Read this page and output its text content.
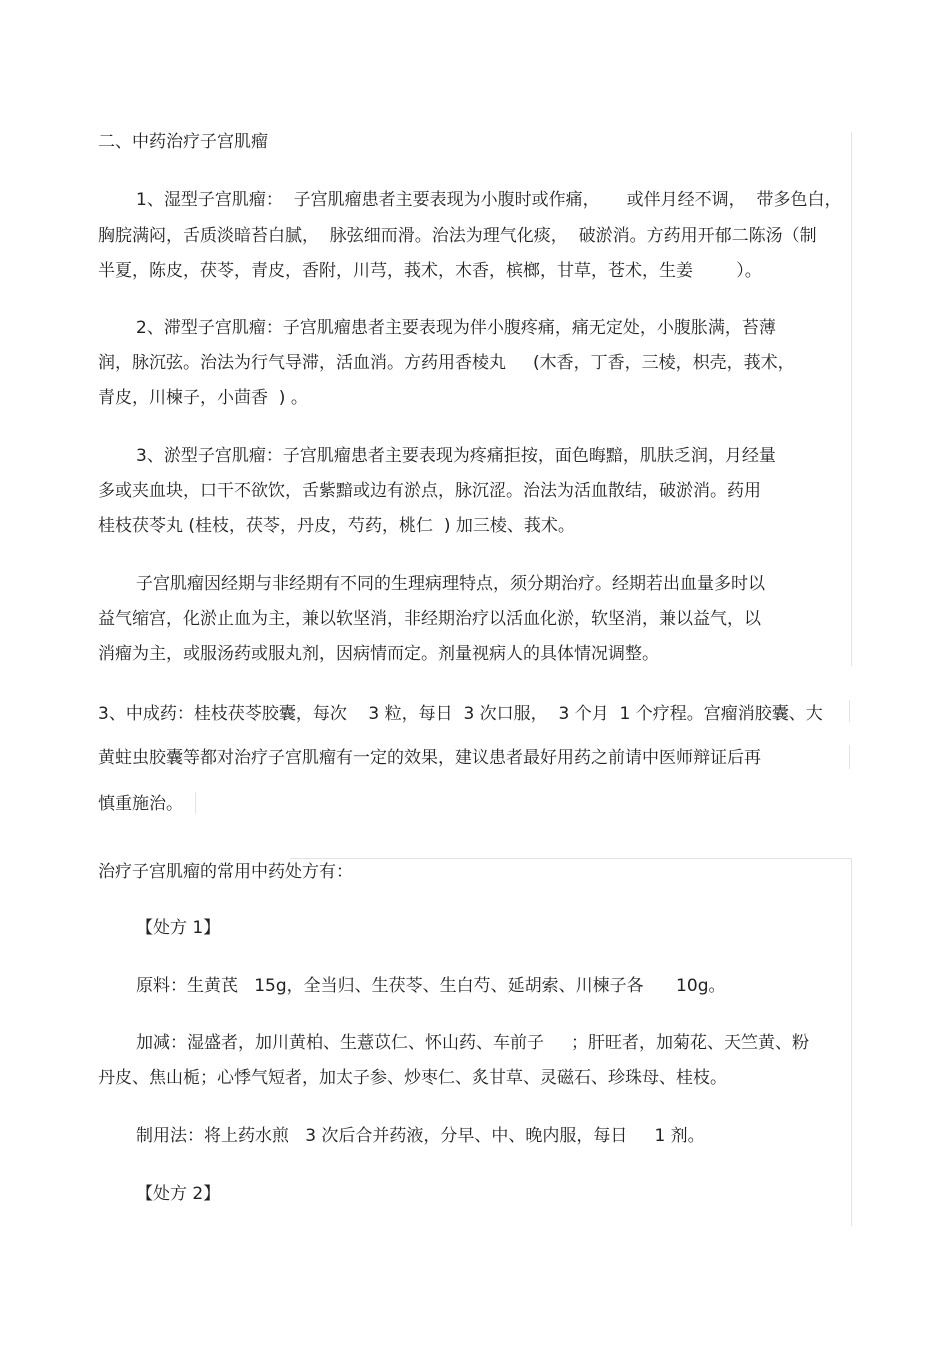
二、中药治疗子宫肌瘤
1、湿型子宫肌瘤：  子宫肌瘤患者主要表现为小腹时或作痛，     或伴月经不调，  带多色白，
胸脘满闷，舌质淡暗苔白腻，  脉弦细而滑。治法为理气化痰，  破淤消。方药用开郁二陈汤（制
半夏，陈皮，茯苓，青皮，香附，川芎，莪术，木香，槟榔，甘草，苍术，生姜        ）。
2、滞型子宫肌瘤：子宫肌瘤患者主要表现为伴小腹疼痛，痛无定处，小腹胀满，苔薄
润，脉沉弦。治法为行气导滞，活血消。方药用香棱丸     (木香，丁香，三棱，枳壳，莪术，
青皮，川楝子，小茴香  ) 。
3、淤型子宫肌瘤：子宫肌瘤患者主要表现为疼痛拒按，面色晦黯，肌肤乏润，月经量
多或夹血块，口干不欲饮，舌紫黯或边有淤点，脉沉涩。治法为活血散结，破淤消。药用
桂枝茯苓丸 (桂枝，茯苓，丹皮，芍药，桃仁  ) 加三棱、莪术。
子宫肌瘤因经期与非经期有不同的生理病理特点，须分期治疗。经期若出血量多时以
益气缩宫，化淤止血为主，兼以软坚消，非经期治疗以活血化淤，软坚消，兼以益气，以
消瘤为主，或服汤药或服丸剂，因病情而定。剂量视病人的具体情况调整。
3、中成药：桂枝茯苓胶囊，每次    3 粒，每日  3 次口服，  3 个月  1 个疗程。宫瘤消胶囊、大
黄蛀虫胶囊等都对治疗子宫肌瘤有一定的效果，建议患者最好用药之前请中医师辩证后再
慎重施治。
治疗子宫肌瘤的常用中药处方有：
【处方 1】
原料：生黄芪   15g，全当归、生茯苓、生白芍、延胡索、川楝子各      10g。
加减：湿盛者，加川黄柏、生薏苡仁、怀山药、车前子     ；肝旺者，加菊花、天竺黄、粉
丹皮、焦山栀；心悸气短者，加太子参、炒枣仁、炙甘草、灵磁石、珍珠母、桂枝。
制用法：将上药水煎   3 次后合并药液，分早、中、晚内服，每日     1 剂。
【处方 2】
